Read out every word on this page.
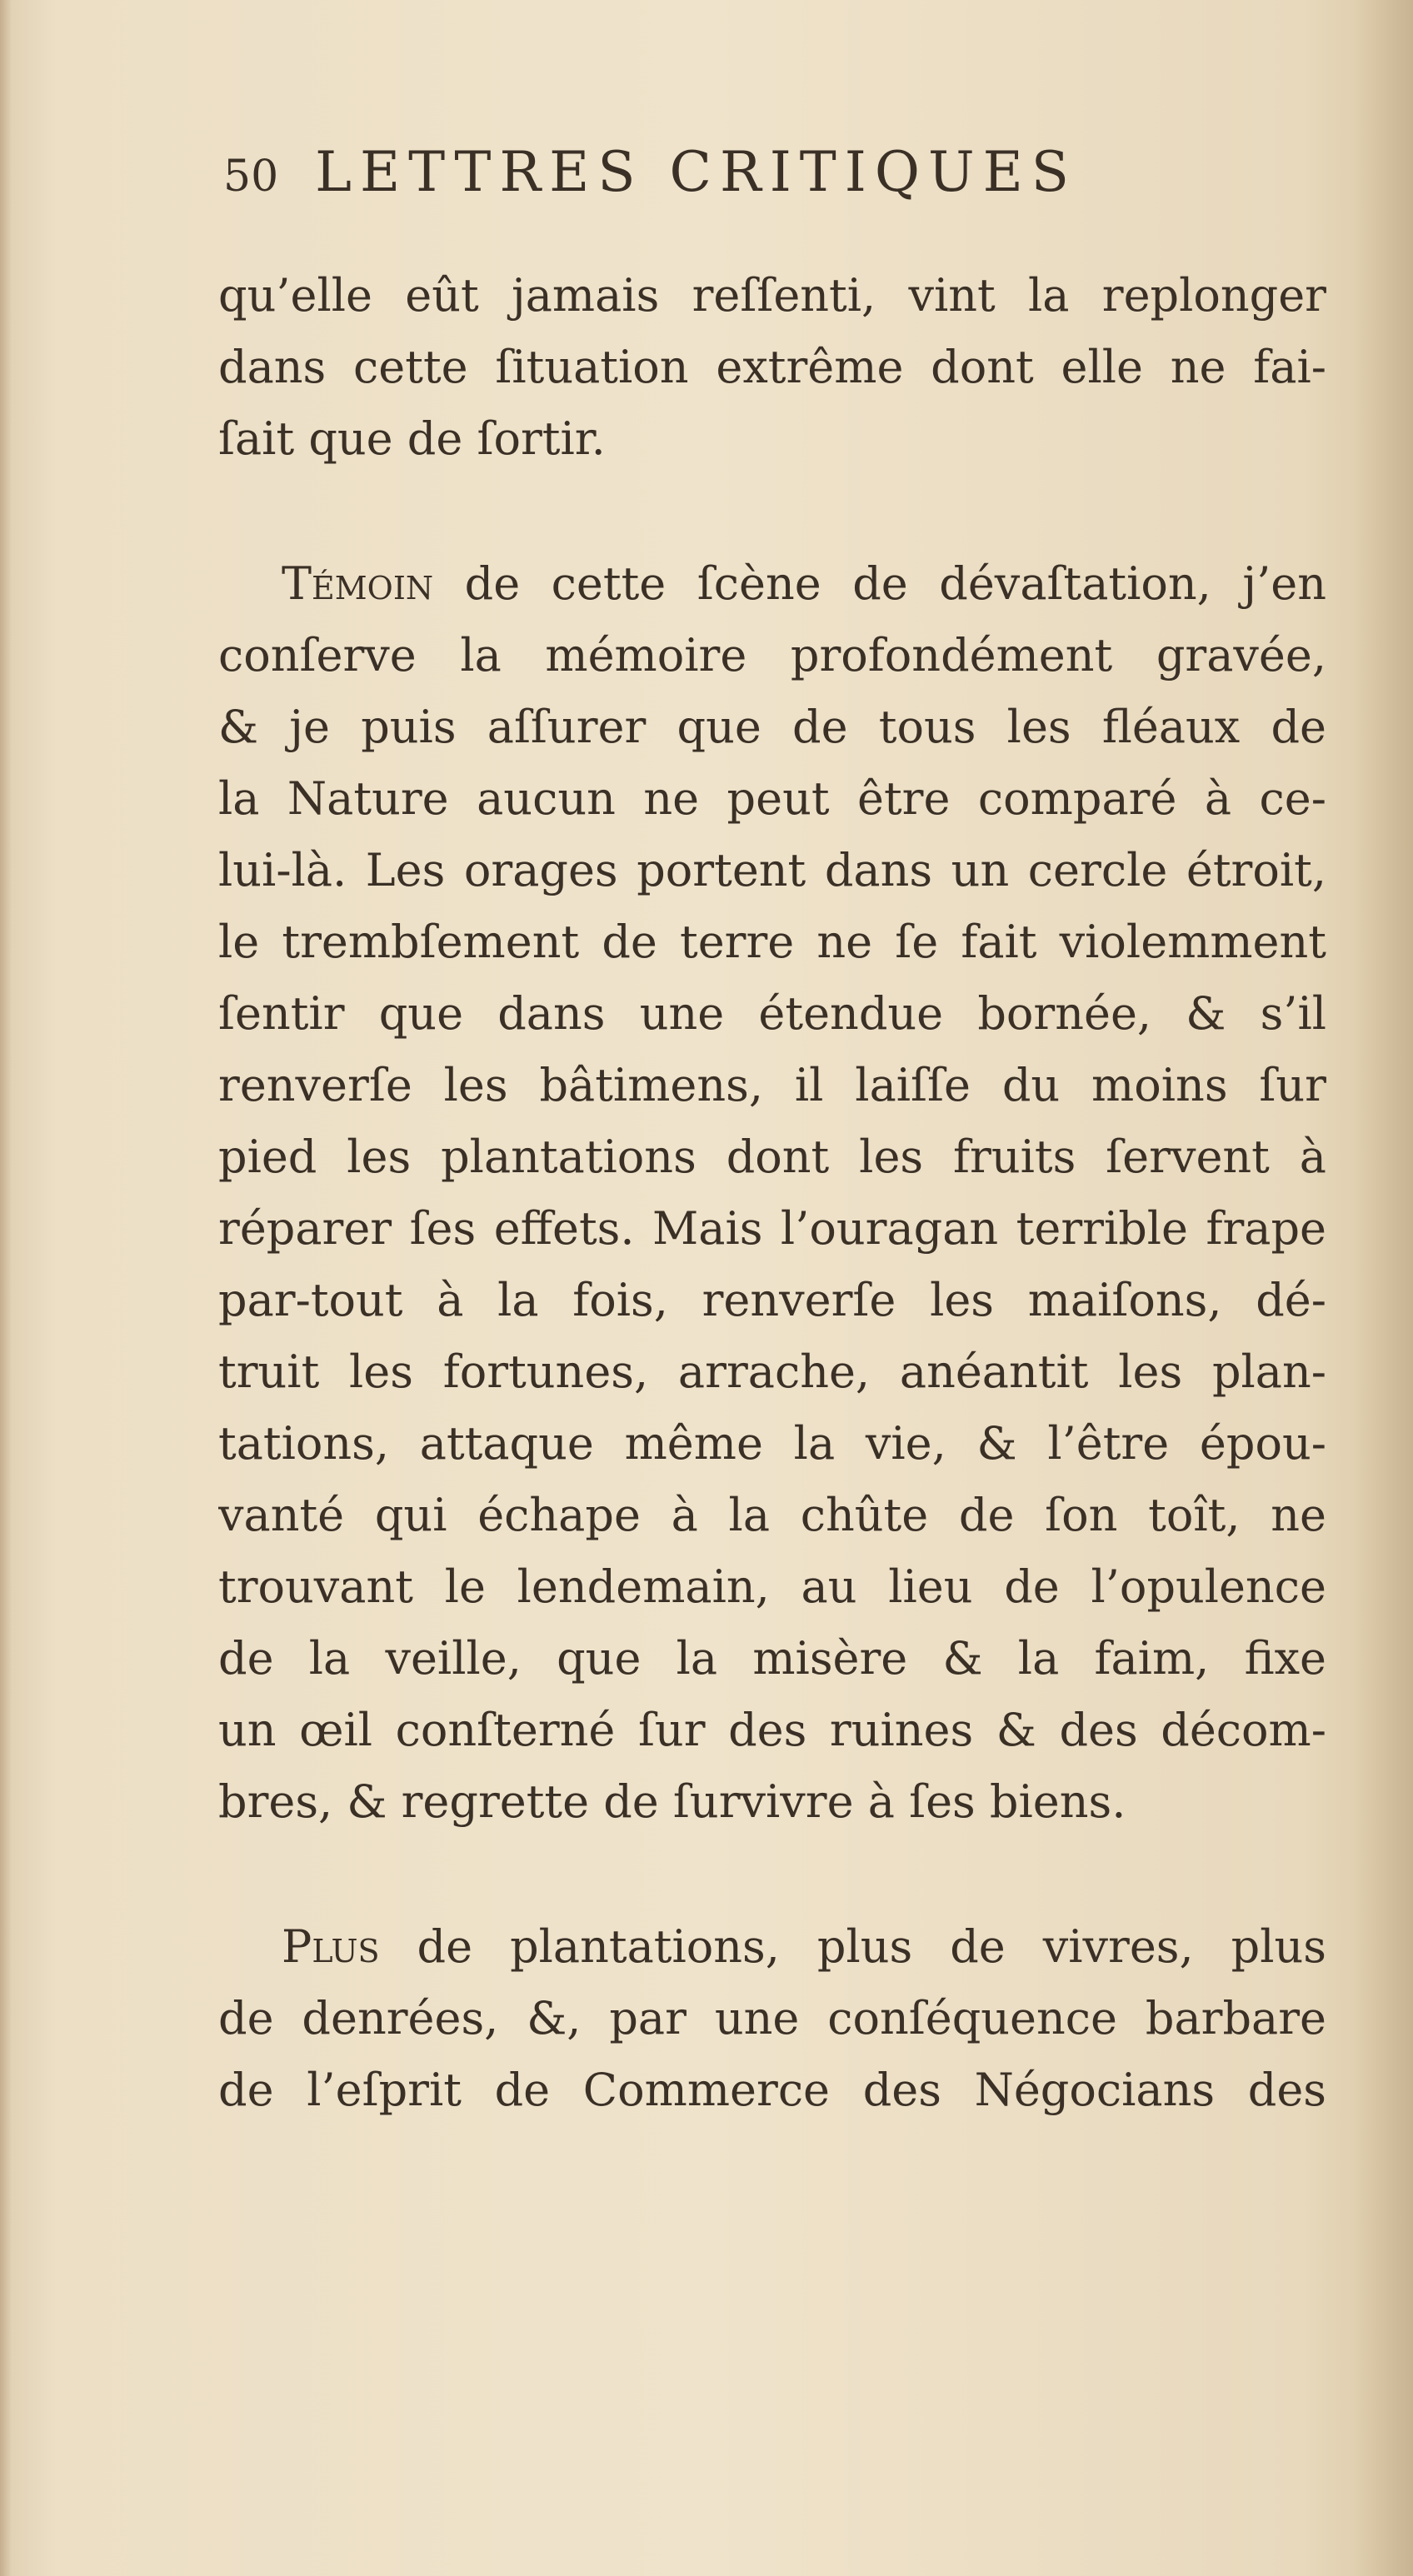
50 LETTRES CRITIQUES
qu’elle eût jamais reſſenti, vint la replonger
dans cette ſituation extrême dont elle ne fai-
ſait que de ſortir.
Témoin de cette ſcène de dévaſtation, j’en
conſerve la mémoire profondément gravée,
& je puis aſſurer que de tous les fléaux de
la Nature aucun ne peut être comparé à ce-
lui-là. Les orages portent dans un cercle étroit,
le trembſement de terre ne ſe fait violemment
ſentir que dans une étendue bornée, & s’il
renverſe les bâtimens, il laiſſe du moins ſur
pied les plantations dont les fruits ſervent à
réparer ſes effets. Mais l’ouragan terrible frape
par-tout à la fois, renverſe les maiſons, dé-
truit les fortunes, arrache, anéantit les plan-
tations, attaque même la vie, & l’être épou-
vanté qui échape à la chûte de ſon toît, ne
trouvant le lendemain, au lieu de l’opulence
de la veille, que la misère & la faim, fixe
un œil conſterné ſur des ruines & des décom-
bres, & regrette de ſurvivre à ſes biens.
Plus de plantations, plus de vivres, plus
de denrées, &, par une conſéquence barbare
de l’eſprit de Commerce des Négocians des
